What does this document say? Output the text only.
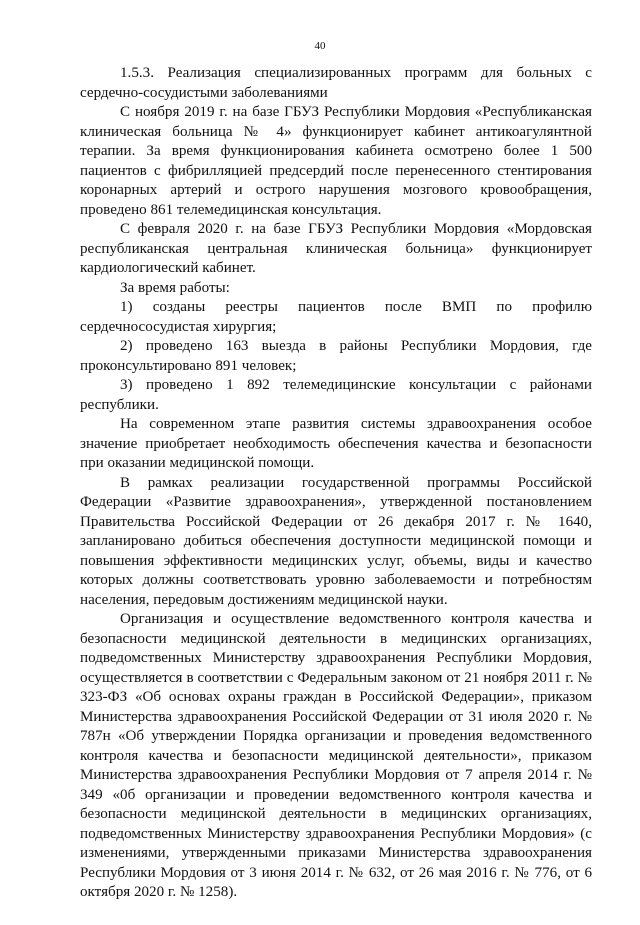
40

1.5.3. Реализация специализированных программ для больных с сердечно-сосудистыми заболеваниями

С ноября 2019 г. на базе ГБУЗ Республики Мордовия «Республиканская клиническая больница № 4» функционирует кабинет антикоагулянтной терапии. За время функционирования кабинета осмотрено более 1 500 пациентов с фибрилляцией предсердий после перенесенного стентирования коронарных артерий и острого нарушения мозгового кровообращения, проведено 861 телемедицинская консультация.

С февраля 2020 г. на базе ГБУЗ Республики Мордовия «Мордовская республиканская центральная клиническая больница» функционирует кардиологический кабинет.

За время работы:

1) созданы реестры пациентов после ВМП по профилю сердечнососудистая хирургия;

2) проведено 163 выезда в районы Республики Мордовия, где проконсультировано 891 человек;

3) проведено 1 892 телемедицинские консультации с районами республики.

На современном этапе развития системы здравоохранения особое значение приобретает необходимость обеспечения качества и безопасности при оказании медицинской помощи.

В рамках реализации государственной программы Российской Федерации «Развитие здравоохранения», утвержденной постановлением Правительства Российской Федерации от 26 декабря 2017 г. № 1640, запланировано добиться обеспечения доступности медицинской помощи и повышения эффективности медицинских услуг, объемы, виды и качество которых должны соответствовать уровню заболеваемости и потребностям населения, передовым достижениям медицинской науки.

Организация и осуществление ведомственного контроля качества и безопасности медицинской деятельности в медицинских организациях, подведомственных Министерству здравоохранения Республики Мордовия, осуществляется в соответствии с Федеральным законом от 21 ноября 2011 г. № 323-ФЗ «Об основах охраны граждан в Российской Федерации», приказом Министерства здравоохранения Российской Федерации от 31 июля 2020 г. № 787н «Об утверждении Порядка организации и проведения ведомственного контроля качества и безопасности медицинской деятельности», приказом Министерства здравоохранения Республики Мордовия от 7 апреля 2014 г. № 349 «0б организации и проведении ведомственного контроля качества и безопасности медицинской деятельности в медицинских организациях, подведомственных Министерству здравоохранения Республики Мордовия» (с изменениями, утвержденными приказами Министерства здравоохранения Республики Мордовия от 3 июня 2014 г. № 632, от 26 мая 2016 г. № 776, от 6 октября 2020 г. № 1258).
